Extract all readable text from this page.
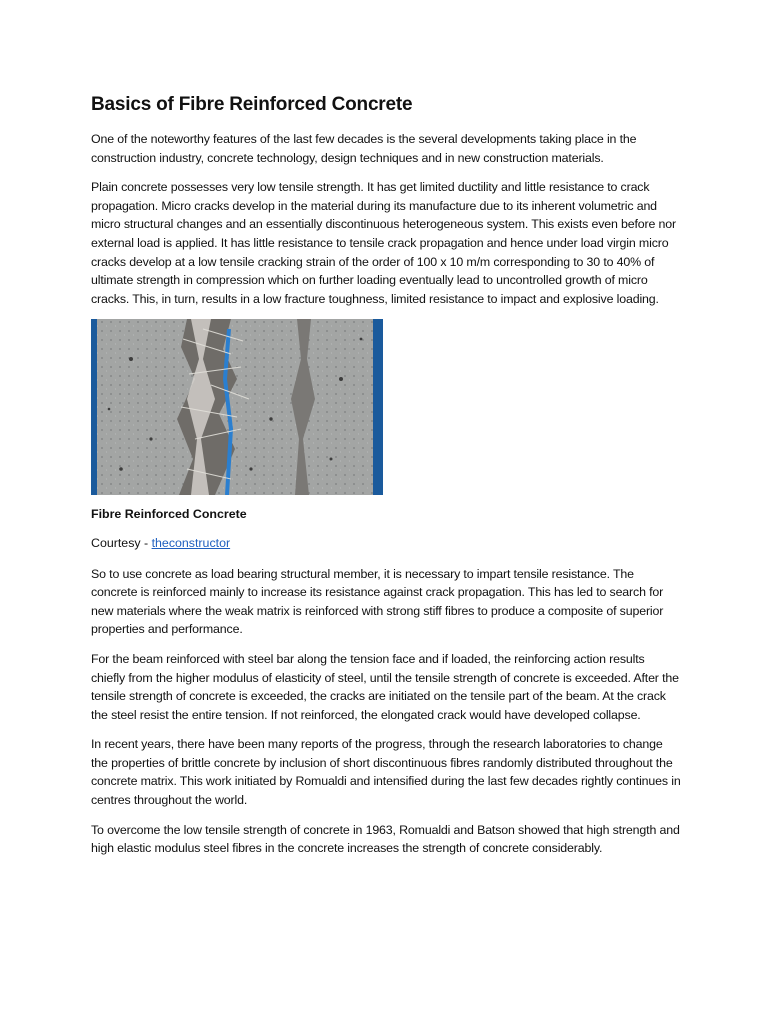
Basics of Fibre Reinforced Concrete

One of the noteworthy features of the last few decades is the several developments taking place in the construction industry, concrete technology, design techniques and in new construction materials.

Plain concrete possesses very low tensile strength. It has get limited ductility and little resistance to crack propagation. Micro cracks develop in the material during its manufacture due to its inherent volumetric and micro structural changes and an essentially discontinuous heterogeneous system. This exists even before nor external load is applied. It has little resistance to tensile crack propagation and hence under load virgin micro cracks develop at a low tensile cracking strain of the order of 100 x 10 m/m corresponding to 30 to 40% of ultimate strength in compression which on further loading eventually lead to uncontrolled growth of micro cracks. This, in turn, results in a low fracture toughness, limited resistance to impact and explosive loading.

Fibre Reinforced Concrete

Courtesy - theconstructor

So to use concrete as load bearing structural member, it is necessary to impart tensile resistance. The concrete is reinforced mainly to increase its resistance against crack propagation. This has led to search for new materials where the weak matrix is reinforced with strong stiff fibres to produce a composite of superior properties and performance.

For the beam reinforced with steel bar along the tension face and if loaded, the reinforcing action results chiefly from the higher modulus of elasticity of steel, until the tensile strength of concrete is exceeded. After the tensile strength of concrete is exceeded, the cracks are initiated on the tensile part of the beam. At the crack the steel resist the entire tension. If not reinforced, the elongated crack would have developed collapse.

In recent years, there have been many reports of the progress, through the research laboratories to change the properties of brittle concrete by inclusion of short discontinuous fibres randomly distributed throughout the concrete matrix. This work initiated by Romualdi and intensified during the last few decades rightly continues in centres throughout the world.

To overcome the low tensile strength of concrete in 1963, Romualdi and Batson showed that high strength and high elastic modulus steel fibres in the concrete increases the strength of concrete considerably.
